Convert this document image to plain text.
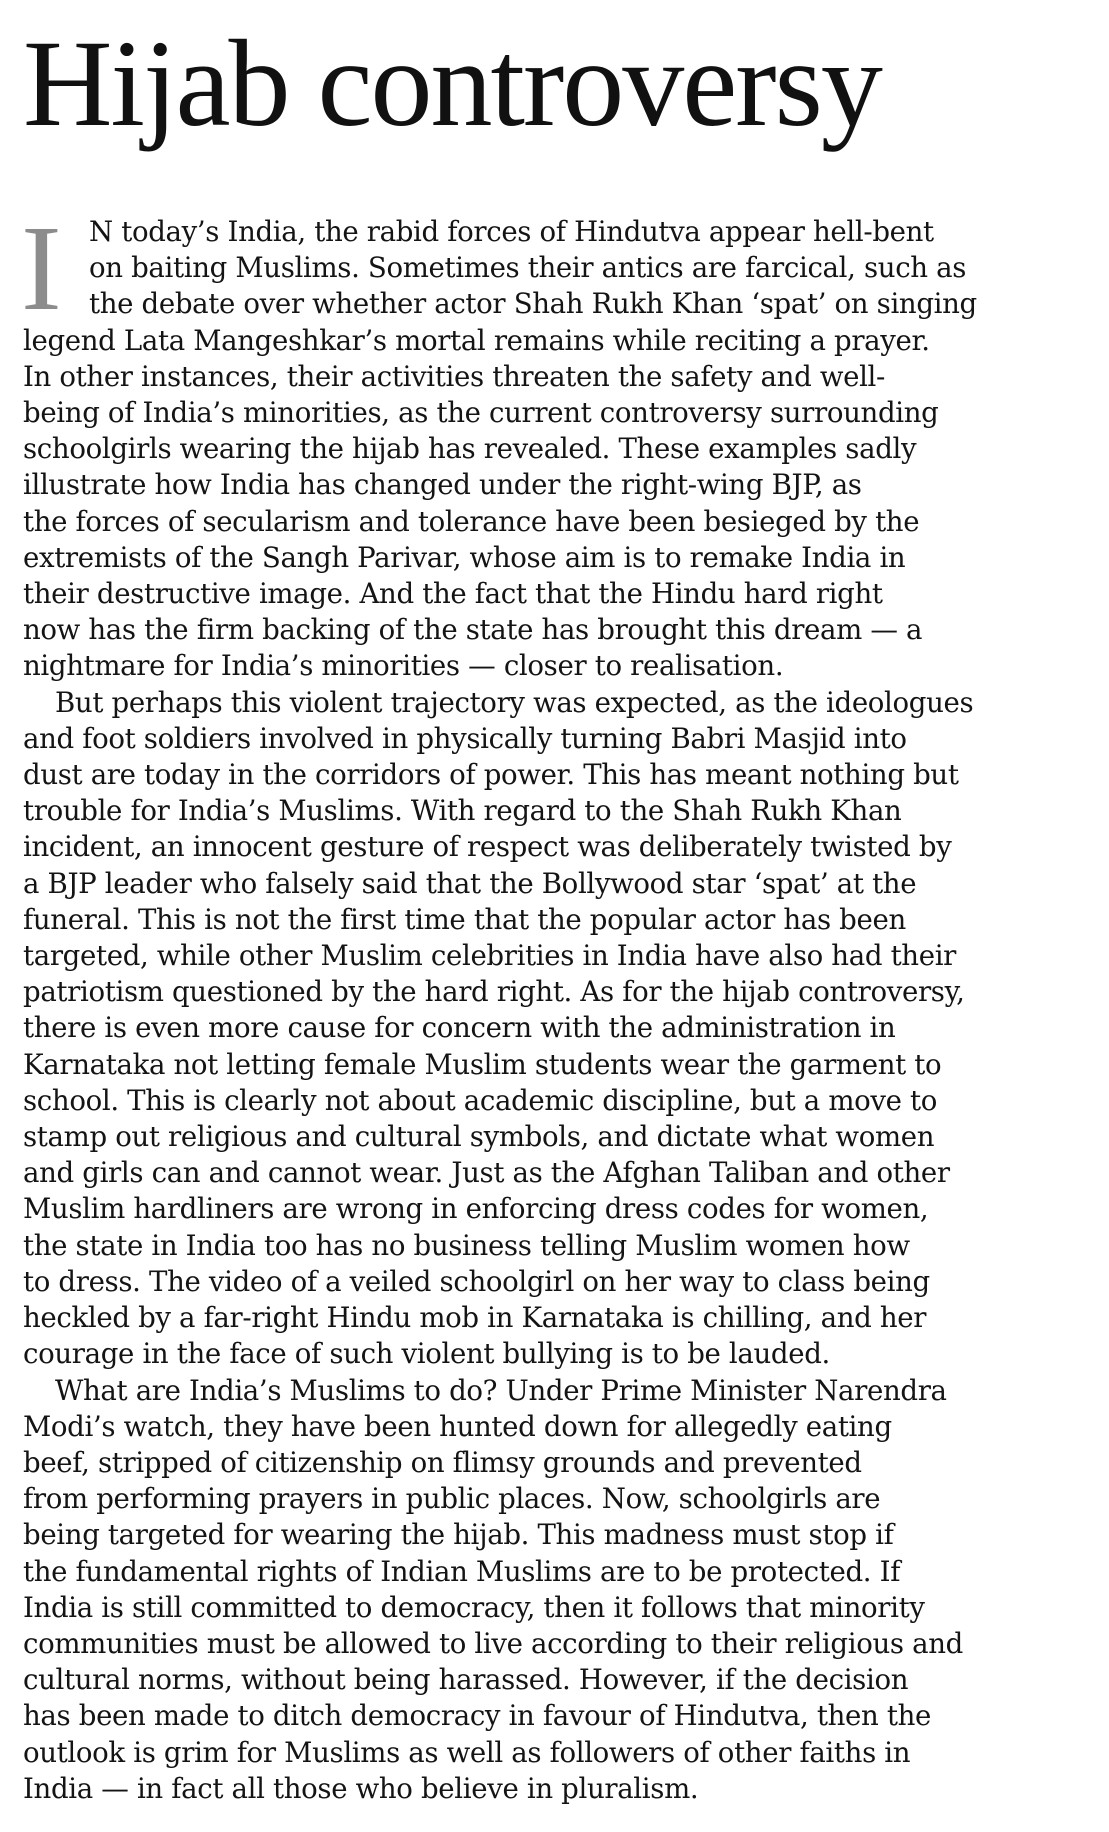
Hijab controversy
I	N today’s India, the rabid forces of Hindutva appear hell-bent
on baiting Muslims. Sometimes their antics are farcical, such as
the debate over whether actor Shah Rukh Khan ‘spat’ on singing
legend Lata Mangeshkar’s mortal remains while reciting a prayer.
In other instances, their activities threaten the safety and well-
being of India’s minorities, as the current controversy surrounding
schoolgirls wearing the hijab has revealed. These examples sadly
illustrate how India has changed under the right-wing BJP, as
the forces of secularism and tolerance have been besieged by the
extremists of the Sangh Parivar, whose aim is to remake India in
their destructive image. And the fact that the Hindu hard right
now has the firm backing of the state has brought this dream — a
nightmare for India’s minorities — closer to realisation.
But perhaps this violent trajectory was expected, as the ideologues
and foot soldiers involved in physically turning Babri Masjid into
dust are today in the corridors of power. This has meant nothing but
trouble for India’s Muslims. With regard to the Shah Rukh Khan
incident, an innocent gesture of respect was deliberately twisted by
a BJP leader who falsely said that the Bollywood star ‘spat’ at the
funeral. This is not the first time that the popular actor has been
targeted, while other Muslim celebrities in India have also had their
patriotism questioned by the hard right. As for the hijab controversy,
there is even more cause for concern with the administration in
Karnataka not letting female Muslim students wear the garment to
school. This is clearly not about academic discipline, but a move to
stamp out religious and cultural symbols, and dictate what women
and girls can and cannot wear. Just as the Afghan Taliban and other
Muslim hardliners are wrong in enforcing dress codes for women,
the state in India too has no business telling Muslim women how
to dress. The video of a veiled schoolgirl on her way to class being
heckled by a far-right Hindu mob in Karnataka is chilling, and her
courage in the face of such violent bullying is to be lauded.
What are India’s Muslims to do? Under Prime Minister Narendra
Modi’s watch, they have been hunted down for allegedly eating
beef, stripped of citizenship on flimsy grounds and prevented
from performing prayers in public places. Now, schoolgirls are
being targeted for wearing the hijab. This madness must stop if
the fundamental rights of Indian Muslims are to be protected. If
India is still committed to democracy, then it follows that minority
communities must be allowed to live according to their religious and
cultural norms, without being harassed. However, if the decision
has been made to ditch democracy in favour of Hindutva, then the
outlook is grim for Muslims as well as followers of other faiths in
India — in fact all those who believe in pluralism.
